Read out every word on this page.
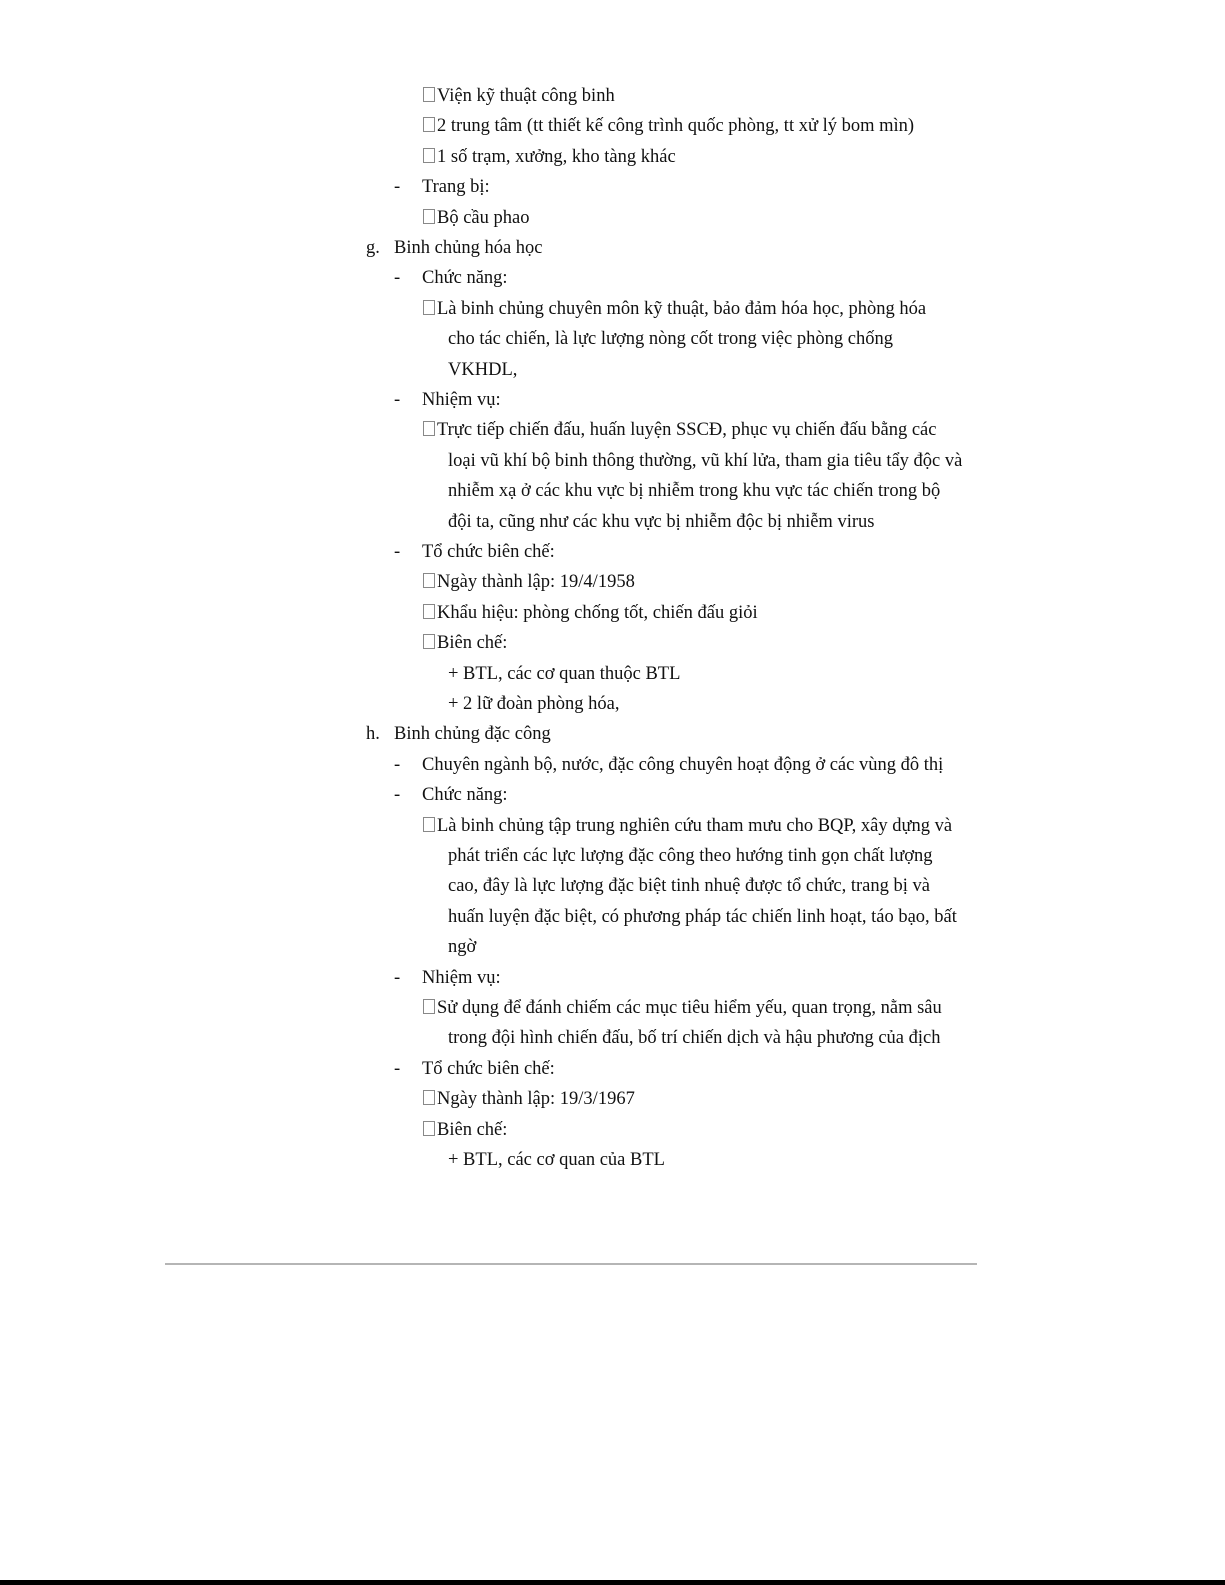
Viện kỹ thuật công binh
2 trung tâm (tt thiết kế công trình quốc phòng, tt xử lý bom mìn)
1 số trạm, xưởng, kho tàng khác
- Trang bị:
Bộ cầu phao
g. Binh chủng hóa học
- Chức năng:
Là binh chủng chuyên môn kỹ thuật, bảo đảm hóa học, phòng hóa
cho tác chiến, là lực lượng nòng cốt trong việc phòng chống
VKHDL,
- Nhiệm vụ:
Trực tiếp chiến đấu, huấn luyện SSCĐ, phục vụ chiến đấu bằng các
loại vũ khí bộ binh thông thường, vũ khí lửa, tham gia tiêu tẩy độc và
nhiễm xạ ở các khu vực bị nhiễm trong khu vực tác chiến trong bộ
đội ta, cũng như các khu vực bị nhiễm độc bị nhiễm virus
- Tổ chức biên chế:
Ngày thành lập: 19/4/1958
Khẩu hiệu: phòng chống tốt, chiến đấu giỏi
Biên chế:
+ BTL, các cơ quan thuộc BTL
+ 2 lữ đoàn phòng hóa,
h. Binh chủng đặc công
- Chuyên ngành bộ, nước, đặc công chuyên hoạt động ở các vùng đô thị
- Chức năng:
Là binh chủng tập trung nghiên cứu tham mưu cho BQP, xây dựng và
phát triển các lực lượng đặc công theo hướng tinh gọn chất lượng
cao, đây là lực lượng đặc biệt tinh nhuệ được tổ chức, trang bị và
huấn luyện đặc biệt, có phương pháp tác chiến linh hoạt, táo bạo, bất
ngờ
- Nhiệm vụ:
Sử dụng để đánh chiếm các mục tiêu hiểm yếu, quan trọng, nằm sâu
trong đội hình chiến đấu, bố trí chiến dịch và hậu phương của địch
- Tổ chức biên chế:
Ngày thành lập: 19/3/1967
Biên chế:
+ BTL, các cơ quan của BTL
